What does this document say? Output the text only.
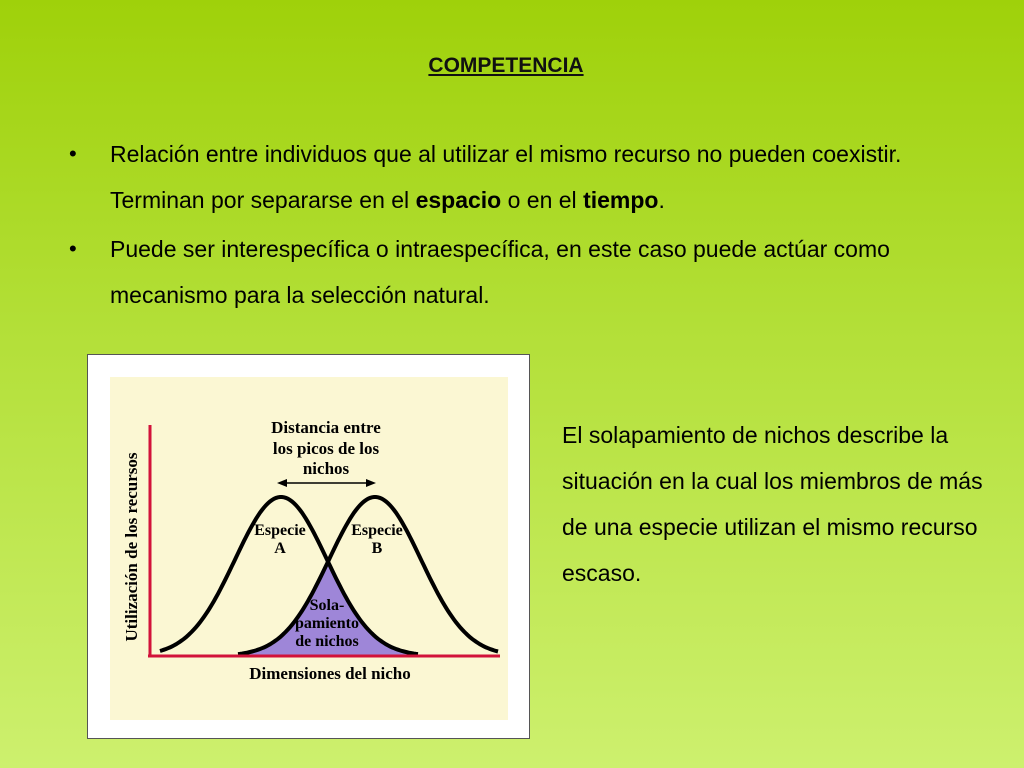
COMPETENCIA
• Relación entre individuos que al utilizar el mismo recurso no pueden coexistir. Terminan por separarse en el espacio o en el tiempo.
• Puede ser interespecífica o intraespecífica, en este caso puede actúar como mecanismo para la selección natural.
Distancia entre
los picos de los
nichos
Especie
A
Especie
B
Sola-
pamiento
de nichos
Dimensiones del nicho
Utilización de los recursos
El solapamiento de nichos describe la situación en la cual los miembros de más de una especie utilizan el mismo recurso escaso.
